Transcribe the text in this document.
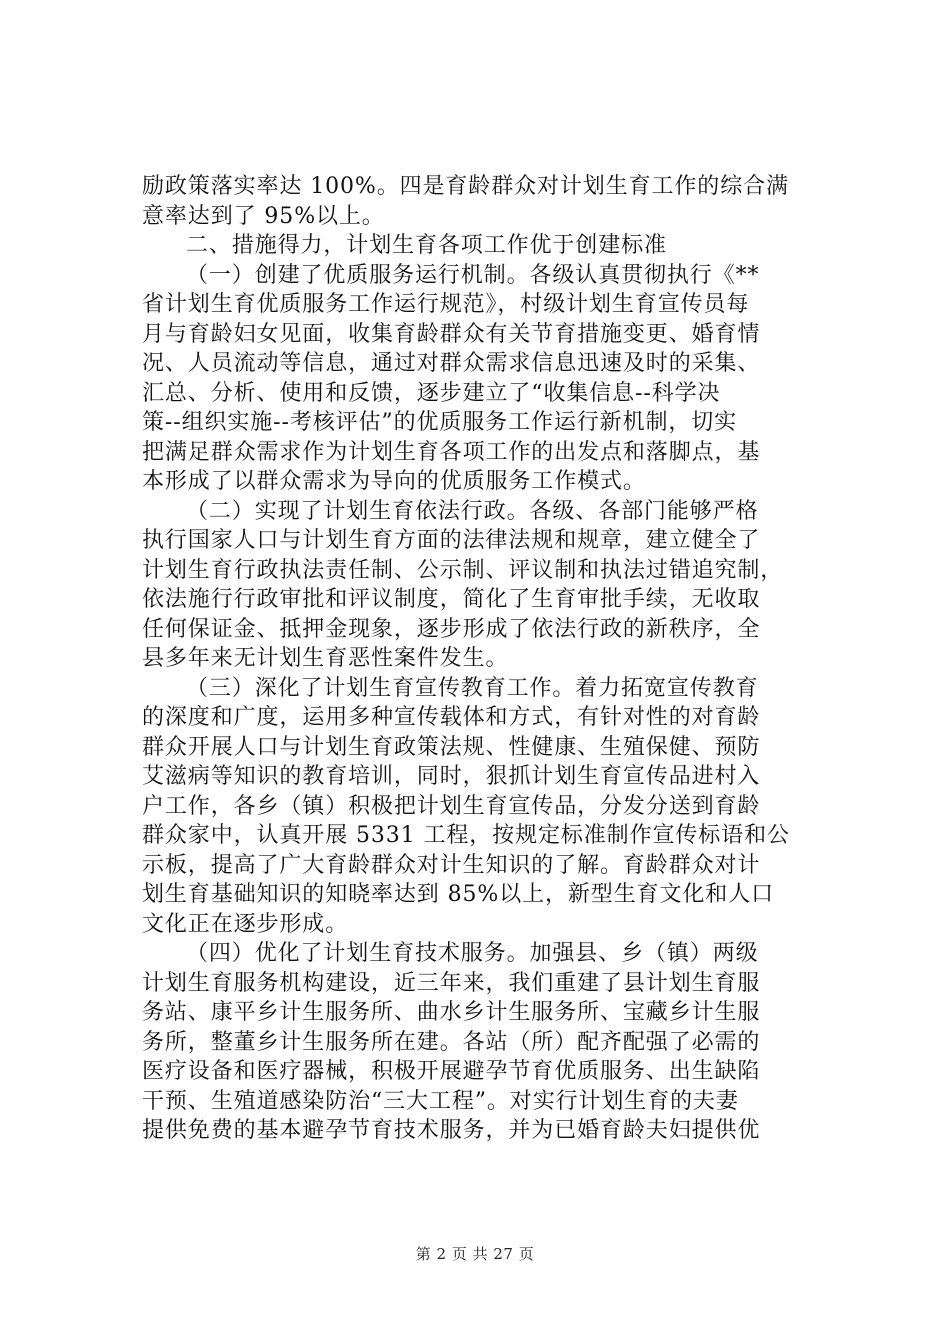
励政策落实率达 100%。四是育龄群众对计划生育工作的综合满
意率达到了 95%以上。
二、措施得力，计划生育各项工作优于创建标准
（一）创建了优质服务运行机制。各级认真贯彻执行《**
省计划生育优质服务工作运行规范》，村级计划生育宣传员每
月与育龄妇女见面，收集育龄群众有关节育措施变更、婚育情
况、人员流动等信息，通过对群众需求信息迅速及时的采集、
汇总、分析、使用和反馈，逐步建立了“收集信息--科学决
策--组织实施--考核评估”的优质服务工作运行新机制，切实
把满足群众需求作为计划生育各项工作的出发点和落脚点，基
本形成了以群众需求为导向的优质服务工作模式。
（二）实现了计划生育依法行政。各级、各部门能够严格
执行国家人口与计划生育方面的法律法规和规章，建立健全了
计划生育行政执法责任制、公示制、评议制和执法过错追究制，
依法施行行政审批和评议制度，简化了生育审批手续，无收取
任何保证金、抵押金现象，逐步形成了依法行政的新秩序，全
县多年来无计划生育恶性案件发生。
（三）深化了计划生育宣传教育工作。着力拓宽宣传教育
的深度和广度，运用多种宣传载体和方式，有针对性的对育龄
群众开展人口与计划生育政策法规、性健康、生殖保健、预防
艾滋病等知识的教育培训，同时，狠抓计划生育宣传品进村入
户工作，各乡（镇）积极把计划生育宣传品，分发分送到育龄
群众家中，认真开展 5331 工程，按规定标准制作宣传标语和公
示板，提高了广大育龄群众对计生知识的了解。育龄群众对计
划生育基础知识的知晓率达到 85%以上，新型生育文化和人口
文化正在逐步形成。
（四）优化了计划生育技术服务。加强县、乡（镇）两级
计划生育服务机构建设，近三年来，我们重建了县计划生育服
务站、康平乡计生服务所、曲水乡计生服务所、宝藏乡计生服
务所，整董乡计生服务所在建。各站（所）配齐配强了必需的
医疗设备和医疗器械，积极开展避孕节育优质服务、出生缺陷
干预、生殖道感染防治“三大工程”。对实行计划生育的夫妻
提供免费的基本避孕节育技术服务，并为已婚育龄夫妇提供优
第 2 页 共 27 页
